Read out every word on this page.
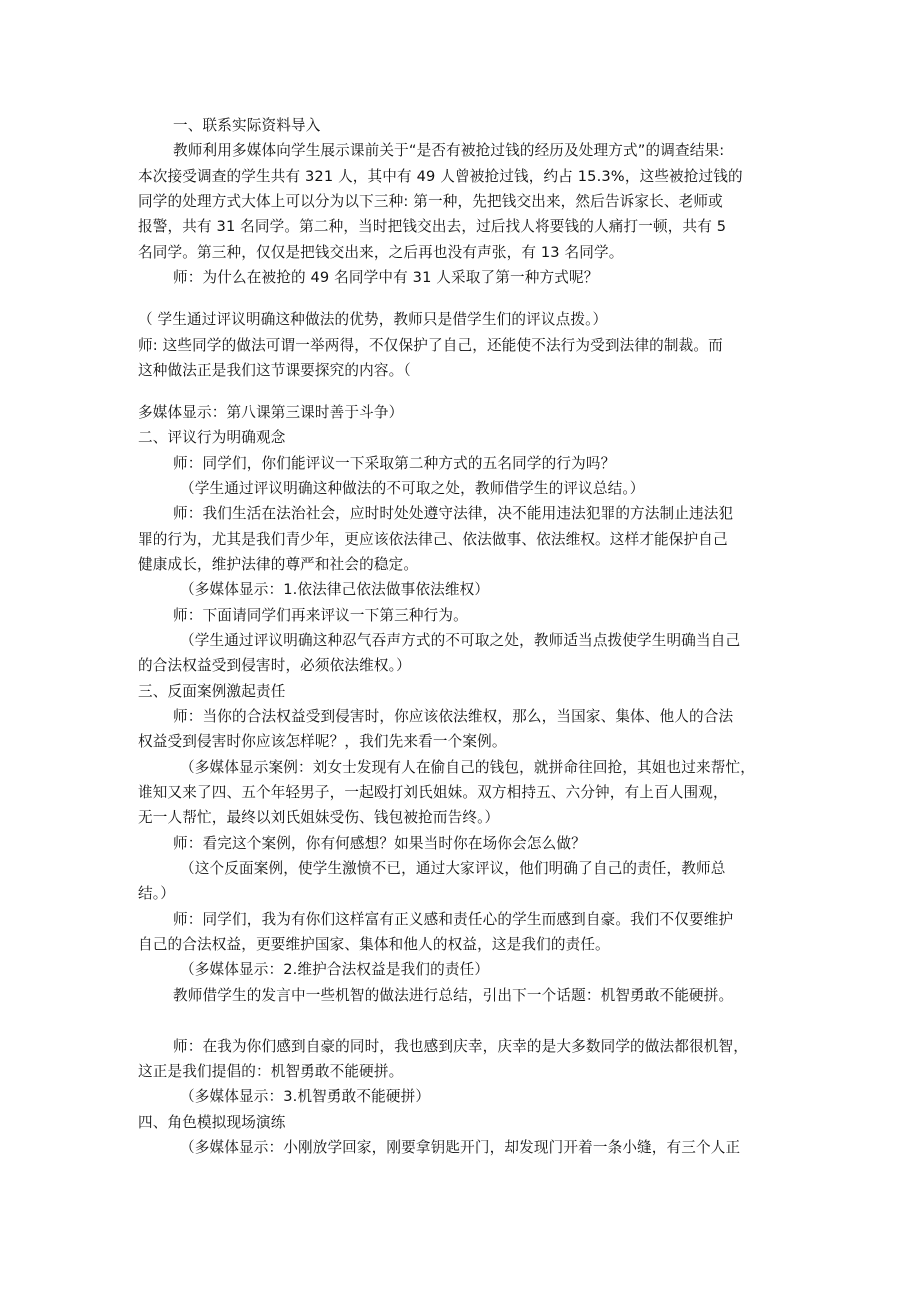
一、联系实际资料导入
教师利用多媒体向学生展示课前关于“是否有被抢过钱的经历及处理方式”的调查结果:
本次接受调查的学生共有 321 人，其中有 49 人曾被抢过钱，约占 15.3%，这些被抢过钱的
同学的处理方式大体上可以分为以下三种: 第一种，先把钱交出来，然后告诉家长、老师或
报警，共有 31 名同学。第二种，当时把钱交出去，过后找人将要钱的人痛打一顿，共有 5
名同学。第三种，仅仅是把钱交出来，之后再也没有声张，有 13 名同学。
师：为什么在被抢的 49 名同学中有 31 人采取了第一种方式呢？
（ 学生通过评议明确这种做法的优势，教师只是借学生们的评议点拨。）
师: 这些同学的做法可谓一举两得，不仅保护了自己，还能使不法行为受到法律的制裁。而
这种做法正是我们这节课要探究的内容。（
多媒体显示：第八课第三课时善于斗争）
二、评议行为明确观念
师：同学们，你们能评议一下采取第二种方式的五名同学的行为吗？
（学生通过评议明确这种做法的不可取之处，教师借学生的评议总结。）
师：我们生活在法治社会，应时时处处遵守法律，决不能用违法犯罪的方法制止违法犯
罪的行为，尤其是我们青少年，更应该依法律己、依法做事、依法维权。这样才能保护自己
健康成长，维护法律的尊严和社会的稳定。
（多媒体显示：1.依法律己依法做事依法维权）
师：下面请同学们再来评议一下第三种行为。
（学生通过评议明确这种忍气吞声方式的不可取之处，教师适当点拨使学生明确当自己
的合法权益受到侵害时，必须依法维权。）
三、反面案例激起责任
师：当你的合法权益受到侵害时，你应该依法维权，那么，当国家、集体、他人的合法
权益受到侵害时你应该怎样呢？，我们先来看一个案例。
（多媒体显示案例：刘女士发现有人在偷自己的钱包，就拼命往回抢，其姐也过来帮忙，
谁知又来了四、五个年轻男子，一起殴打刘氏姐妹。双方相持五、六分钟，有上百人围观，
无一人帮忙，最终以刘氏姐妹受伤、钱包被抢而告终。）
师：看完这个案例，你有何感想？如果当时你在场你会怎么做？
（这个反面案例，使学生激愤不已，通过大家评议，他们明确了自己的责任，教师总
结。）
师：同学们，我为有你们这样富有正义感和责任心的学生而感到自豪。我们不仅要维护
自己的合法权益，更要维护国家、集体和他人的权益，这是我们的责任。
（多媒体显示：2.维护合法权益是我们的责任）
教师借学生的发言中一些机智的做法进行总结，引出下一个话题：机智勇敢不能硬拼。
师：在我为你们感到自豪的同时，我也感到庆幸，庆幸的是大多数同学的做法都很机智，
这正是我们提倡的：机智勇敢不能硬拼。
（多媒体显示：3.机智勇敢不能硬拼）
四、角色模拟现场演练
（多媒体显示：小刚放学回家，刚要拿钥匙开门，却发现门开着一条小缝，有三个人正
